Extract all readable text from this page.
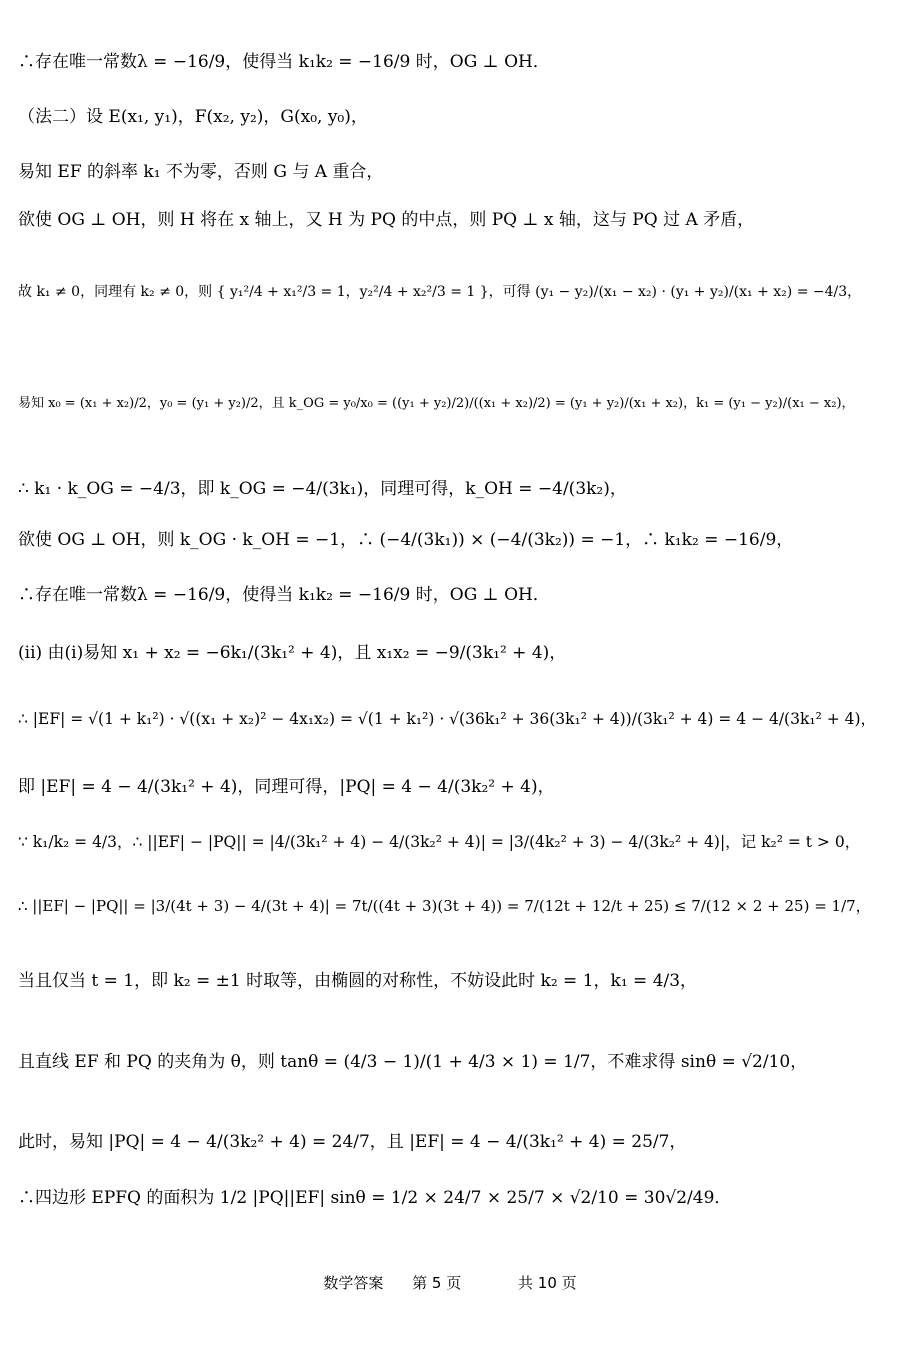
∴存在唯一常数λ = −16/9，使得当 k₁k₂ = −16/9 时，OG ⊥ OH．
（法二）设 E(x₁, y₁)，F(x₂, y₂)，G(x₀, y₀)，
易知 EF 的斜率 k₁ 不为零，否则 G 与 A 重合，
欲使 OG ⊥ OH，则 H 将在 x 轴上，又 H 为 PQ 的中点，则 PQ ⊥ x 轴，这与 PQ 过 A 矛盾，
故 k₁ ≠ 0，同理有 k₂ ≠ 0，则 { y₁²/4 + x₁²/3 = 1，y₂²/4 + x₂²/3 = 1 }，可得 (y₁ − y₂)/(x₁ − x₂) · (y₁ + y₂)/(x₁ + x₂) = −4/3，
易知 x₀ = (x₁ + x₂)/2，y₀ = (y₁ + y₂)/2，且 k_OG = y₀/x₀ = ((y₁ + y₂)/2)/((x₁ + x₂)/2) = (y₁ + y₂)/(x₁ + x₂)，k₁ = (y₁ − y₂)/(x₁ − x₂)，
∴ k₁ · k_OG = −4/3，即 k_OG = −4/(3k₁)，同理可得，k_OH = −4/(3k₂)，
欲使 OG ⊥ OH，则 k_OG · k_OH = −1，∴ (−4/(3k₁)) × (−4/(3k₂)) = −1，∴ k₁k₂ = −16/9，
∴存在唯一常数λ = −16/9，使得当 k₁k₂ = −16/9 时，OG ⊥ OH．
(ii) 由(i)易知 x₁ + x₂ = −6k₁/(3k₁² + 4)，且 x₁x₂ = −9/(3k₁² + 4)，
∴ |EF| = √(1 + k₁²) · √((x₁ + x₂)² − 4x₁x₂) = √(1 + k₁²) · √(36k₁² + 36(3k₁² + 4))/(3k₁² + 4) = 4 − 4/(3k₁² + 4)，
即 |EF| = 4 − 4/(3k₁² + 4)，同理可得，|PQ| = 4 − 4/(3k₂² + 4)，
∵ k₁/k₂ = 4/3，∴ ||EF| − |PQ|| = |4/(3k₁² + 4) − 4/(3k₂² + 4)| = |3/(4k₂² + 3) − 4/(3k₂² + 4)|，记 k₂² = t > 0，
∴ ||EF| − |PQ|| = |3/(4t + 3) − 4/(3t + 4)| = 7t/((4t + 3)(3t + 4)) = 7/(12t + 12/t + 25) ≤ 7/(12 × 2 + 25) = 1/7，
当且仅当 t = 1，即 k₂ = ±1 时取等，由椭圆的对称性，不妨设此时 k₂ = 1，k₁ = 4/3，
且直线 EF 和 PQ 的夹角为 θ，则 tanθ = (4/3 − 1)/(1 + 4/3 × 1) = 1/7，不难求得 sinθ = √2/10，
此时，易知 |PQ| = 4 − 4/(3k₂² + 4) = 24/7，且 |EF| = 4 − 4/(3k₁² + 4) = 25/7，
∴四边形 EPFQ 的面积为 1/2 |PQ||EF| sinθ = 1/2 × 24/7 × 25/7 × √2/10 = 30√2/49．
数学答案 第 5 页	共 10 页
